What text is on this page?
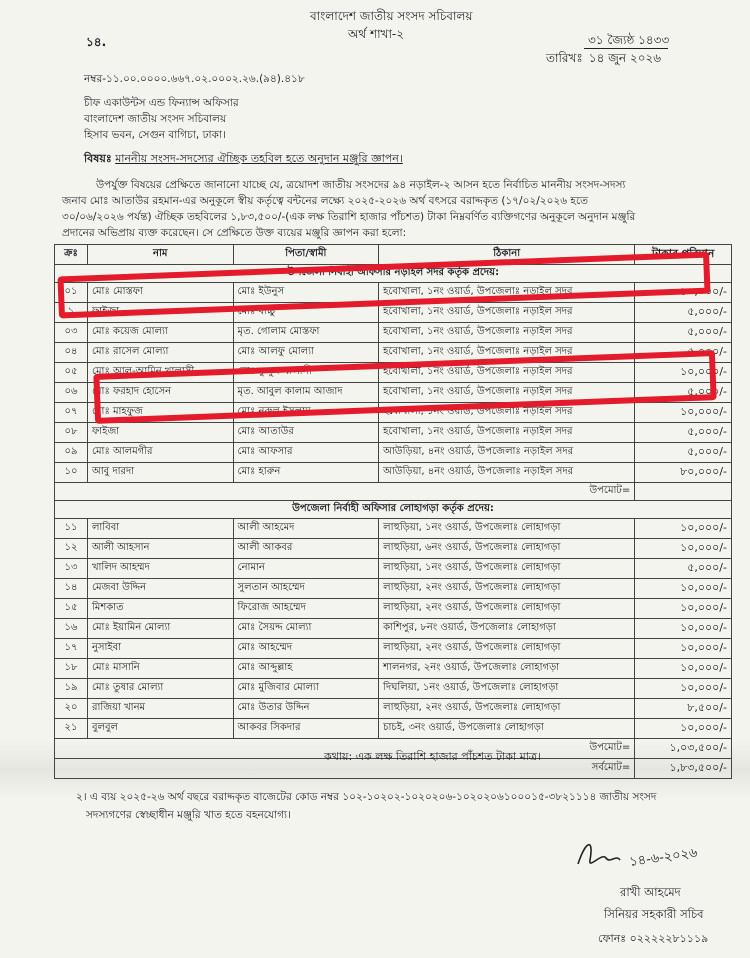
বাংলাদেশ জাতীয় সংসদ সচিবালয়
অর্থ শাখা-২
১৪.	৩১ জ্যৈষ্ঠ ১৪৩৩
তারিখঃ ১৪ জুন ২০২৬
নম্বর-১১.০০.০০০০.৬৬৭.০২.০০০২.২৬.(৯৪).৪১৮
চীফ একাউন্টস এন্ড ফিন্যান্স অফিসার
বাংলাদেশ জাতীয় সংসদ সচিবালয়
হিসাব ভবন, সেগুন বাগিচা, ঢাকা।
বিষয়ঃ মাননীয় সংসদ-সদস্যের ঐচ্ছিক তহবিল হতে অনুদান মঞ্জুরি জ্ঞাপন।
উপর্যুক্ত বিষয়ের প্রেক্ষিতে জানানো যাচ্ছে যে, ত্রয়োদশ জাতীয় সংসদের ৯৪ নড়াইল-২ আসন হতে নির্বাচিত মাননীয় সংসদ-সদস্য
জনাব মোঃ আতাউর রহমান-এর অনুকূলে স্বীয় কর্তৃত্বে বন্টনের লক্ষ্যে ২০২৫-২০২৬ অর্থ বৎসরে বরাদ্দকৃত (১৭/০২/২০২৬ হতে
৩০/০৬/২০২৬ পর্যন্ত) ঐচ্ছিক তহবিলের ১,৮৩,৫০০/-(এক লক্ষ তিরাশি হাজার পাঁচশত) টাকা নিম্নবর্ণিত ব্যক্তিগণের অনুকূলে অনুদান মঞ্জুরি
প্রদানের অভিপ্রায় ব্যক্ত করেছেন। সে প্রেক্ষিতে উক্ত ব্যয়ের মঞ্জুরি জ্ঞাপন করা হলো:
ক্রঃ	নাম	পিতা/স্বামী	ঠিকানা	টাকার পরিমান
উপজেলা নির্বাহী অফিসার নড়াইল সদর কর্তৃক প্রদেয়:				
০১	মোঃ মোস্তফা	মোঃ ইউনুস	হবোখালা, ১নং ওয়ার্ড, উপজেলাঃ নড়াইল সদর	১০,০০০/-
১	ফাইজা	মোঃ বাচ্চু	হবোখালা, ১নং ওয়ার্ড, উপজেলাঃ নড়াইল সদর	৫,০০০/-
০৩	মোঃ কয়েজ মোল্যা	মৃত. গোলাম মোস্তফা	হবোখালা, ১নং ওয়ার্ড, উপজেলাঃ নড়াইল সদর	৫,০০০/-
০৪	মোঃ রাসেল মোল্যা	মোঃ আলফু মোল্যা	হবোখালা, ১নং ওয়ার্ড, উপজেলাঃ নড়াইল সদর	৫,০০০/-
০৫	মোঃ আল-আমিন খালাসী	মোঃ কুদ্দুস খালাসী	হবোখালা, ১নং ওয়ার্ড, উপজেলাঃ নড়াইল সদর	১০,০০০/-
০৬	মোঃ ফরহাদ হোসেন	মৃত. আবুল কালাম আজাদ	হবোখালা, ১নং ওয়ার্ড, উপজেলাঃ নড়াইল সদর	৫,০০০/-
০৭	মোঃ মাহফুজ	মোঃ নুরুল ইসলাম	হবোখালা, ১নং ওয়ার্ড, উপজেলাঃ নড়াইল সদর	১০,০০০/-
০৮	ফাইজা	মোঃ আতাউর	হবোখালা, ১নং ওয়ার্ড, উপজেলাঃ নড়াইল সদর	৫,০০০/-
০৯	মোঃ আলমগীর	মোঃ আফসার	আউড়িয়া, ৪নং ওয়ার্ড, উপজেলাঃ নড়াইল সদর	৫,০০০/-
১০	আবু দারদা	মোঃ হারুন	আউড়িয়া, ৪নং ওয়ার্ড, উপজেলাঃ নড়াইল সদর	৮০,০০০/-
উপমোট=				
উপজেলা নির্বাহী অফিসার লোহাগড়া কর্তৃক প্রদেয়:				
১১	লাবিবা	আলী আহমেদ	লাহুড়িয়া, ১নং ওয়ার্ড, উপজেলাঃ লোহাগড়া	১০,০০০/-
১২	আলী আহসান	আলী আকবর	লাহুড়িয়া, ৬নং ওয়ার্ড, উপজেলাঃ লোহাগড়া	১০,০০০/-
১৩	খালিদ আহম্মদ	নোমান	লাহুড়িয়া, ১নং ওয়ার্ড, উপজেলাঃ লোহাগড়া	৫,০০০/-
১৪	মেজবা উদ্দিন	সুলতান আহম্মেদ	লাহুড়িয়া, ২নং ওয়ার্ড, উপজেলাঃ লোহাগড়া	১০,০০০/-
১৫	মিশকাত	ফিরোজ আহম্মেদ	লাহুড়িয়া, ২নং ওয়ার্ড, উপজেলাঃ লোহাগড়া	১০,০০০/-
১৬	মোঃ ইয়ামিন মোল্যা	মোঃ সৈয়দ্দ মোল্যা	কাশিপুর, ৮নং ওয়ার্ড, উপজেলাঃ লোহাগড়া	১০,০০০/-
১৭	নুসাইবা	মোঃ আহম্মেদ	লাহুড়িয়া, ২নং ওয়ার্ড, উপজেলাঃ লোহাগড়া	১০,০০০/-
১৮	মোঃ মাসানি	মোঃ আব্দুল্লাহ	শালনগর, ২নং ওয়ার্ড, উপজেলাঃ লোহাগড়া	১০,০০০/-
১৯	মোঃ তুষার মোল্যা	মোঃ মুজিবার মোল্যা	দিঘলিয়া, ১নং ওয়ার্ড, উপজেলাঃ লোহাগড়া	১০,০০০/-
২০	রাজিয়া খানম	মোঃ উতার উদ্দিন	লাহুড়িয়া, ২নং ওয়ার্ড, উপজেলাঃ লোহাগড়া	৮,৫০০/-
২১	বুলবুল	আকবর সিকদার	চাচই, ৩নং ওয়ার্ড, উপজেলাঃ লোহাগড়া	১০,০০০/-
উপমোট=				১,০৩,৫০০/-
সর্বমোট=				১,৮৩,৫০০/-
কথায়: এক লক্ষ তিরাশি হাজার পাঁচশত টাকা মাত্র।
২। এ ব্যয় ২০২৫-২৬ অর্থ বছরে বরাদ্দকৃত বাজেটের কোড নম্বর ১০২-১০২০২-১০২০২০৬-১০২০২০৬১০০০১৫-৩৮২১১১৪ জাতীয় সংসদ
সদস্যগণের স্বেচ্ছাধীন মঞ্জুরি খাত হতে বহনযোগ্য।
১৪-৬-২০২৬
রাখী আহমেদ
সিনিয়র সহকারী সচিব
ফোনঃ ০২২২২২৮১১১৯
